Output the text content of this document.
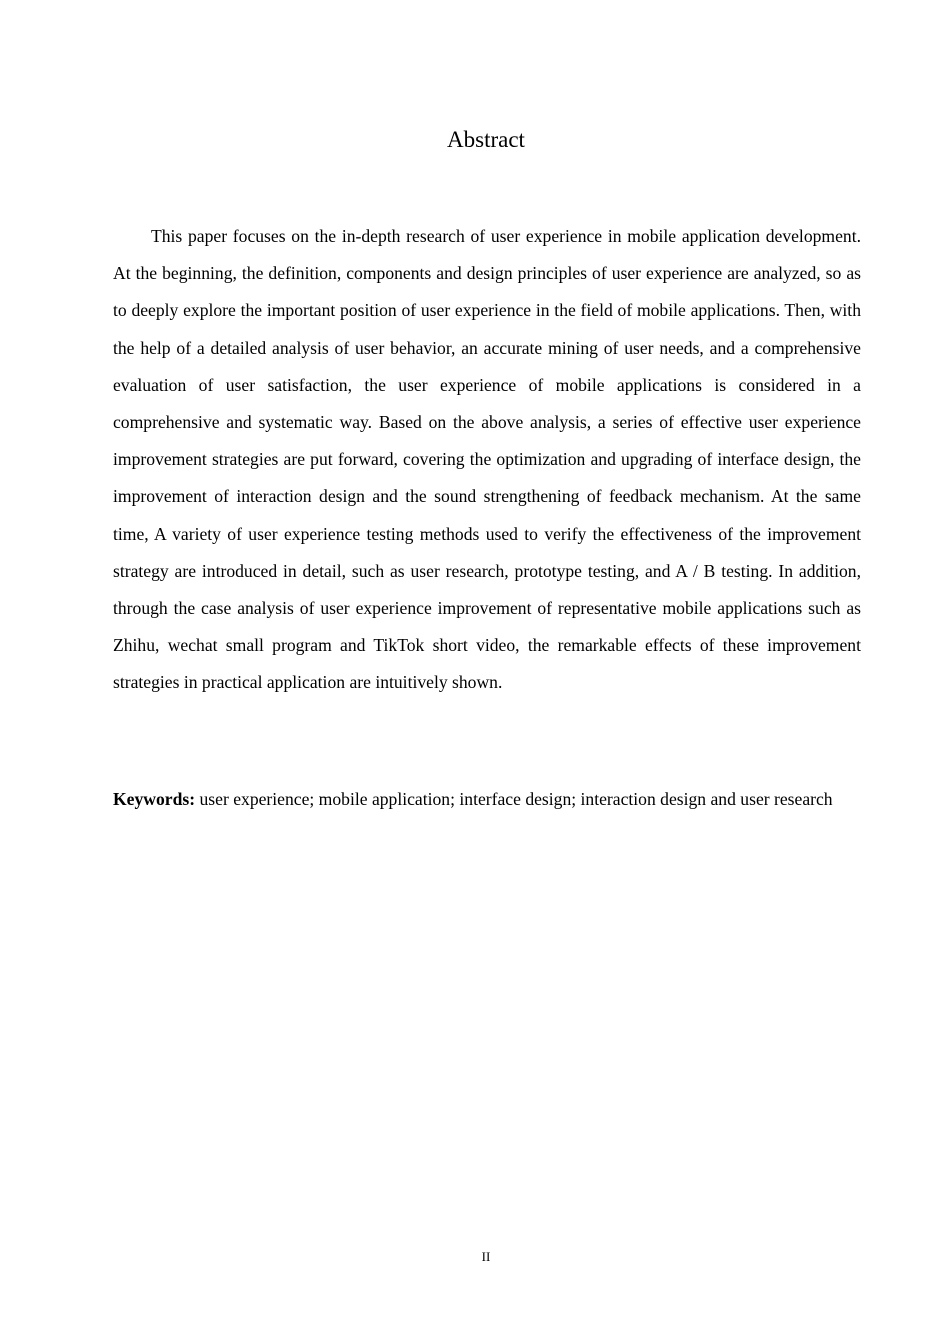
Abstract

This paper focuses on the in-depth research of user experience in mobile application development. At the beginning, the definition, components and design principles of user experience are analyzed, so as to deeply explore the important position of user experience in the field of mobile applications. Then, with the help of a detailed analysis of user behavior, an accurate mining of user needs, and a comprehensive evaluation of user satisfaction, the user experience of mobile applications is considered in a comprehensive and systematic way. Based on the above analysis, a series of effective user experience improvement strategies are put forward, covering the optimization and upgrading of interface design, the improvement of interaction design and the sound strengthening of feedback mechanism. At the same time, A variety of user experience testing methods used to verify the effectiveness of the improvement strategy are introduced in detail, such as user research, prototype testing, and A / B testing. In addition, through the case analysis of user experience improvement of representative mobile applications such as Zhihu, wechat small program and TikTok short video, the remarkable effects of these improvement strategies in practical application are intuitively shown.

Keywords: user experience; mobile application; interface design; interaction design and user research

II
